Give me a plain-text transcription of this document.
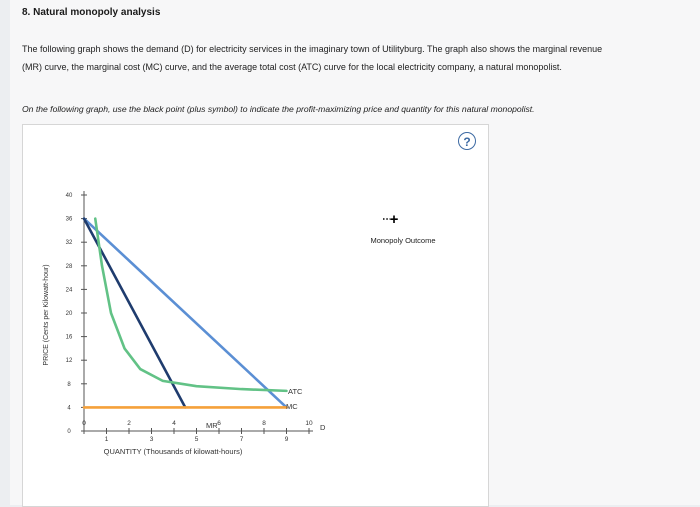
8. Natural monopoly analysis
The following graph shows the demand (D) for electricity services in the imaginary town of Utilityburg. The graph also shows the marginal revenue
(MR) curve, the marginal cost (MC) curve, and the average total cost (ATC) curve for the local electricity company, a natural monopolist.
On the following graph, use the black point (plus symbol) to indicate the profit-maximizing price and quantity for this natural monopolist.
0
4
8
12
16
20
24
28
32
36
40
0
1
2
3
4
5
6
7
8
9
10
QUANTITY (Thousands of kilowatt-hours)
PRICE (Cents per Kilowatt-hour)
D
MR
ATC
MC
+
Monopoly Outcome
?
